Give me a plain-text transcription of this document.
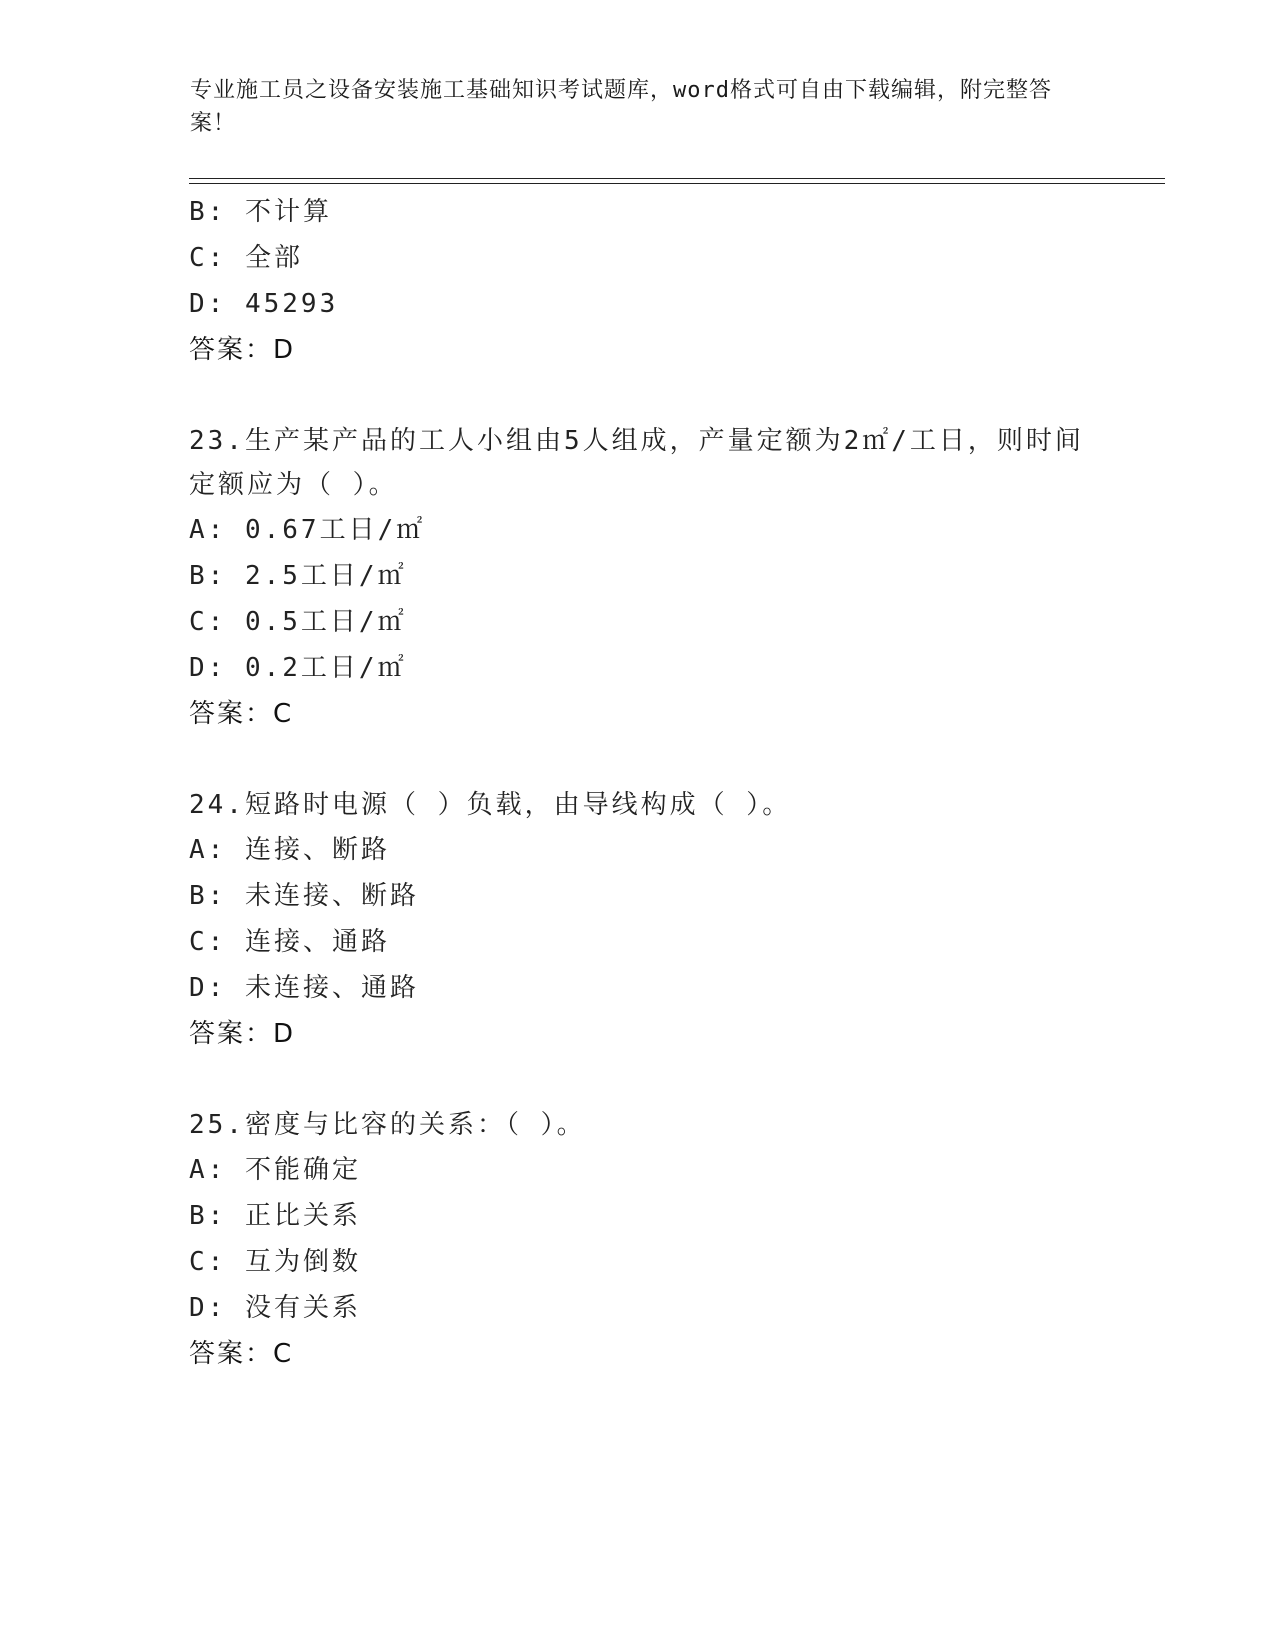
专业施工员之设备安装施工基础知识考试题库，word格式可自由下载编辑，附完整答案！
B: 不计算
C: 全部
D: 45293
答案：D
23.生产某产品的工人小组由5人组成，产量定额为2㎡/工日，则时间定额应为（ ）。
A: 0.67工日/㎡
B: 2.5工日/㎡
C: 0.5工日/㎡
D: 0.2工日/㎡
答案：C
24.短路时电源（ ）负载，由导线构成（ ）。
A: 连接、断路
B: 未连接、断路
C: 连接、通路
D: 未连接、通路
答案：D
25.密度与比容的关系：（ ）。
A: 不能确定
B: 正比关系
C: 互为倒数
D: 没有关系
答案：C
